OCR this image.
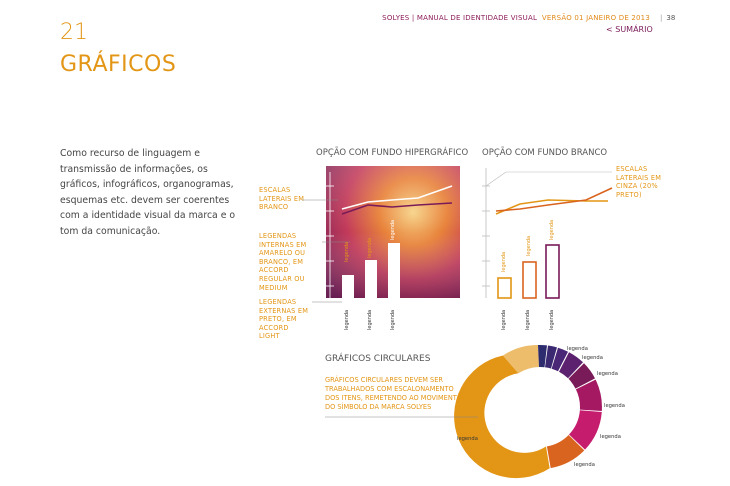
SOLYES | MANUAL DE IDENTIDADE VISUAL VERSÃO 01 JANEIRO DE 2013 | 38
< SUMÁRIO
21
GRÁFICOS
Como recurso de linguagem e transmissão de informações, os gráficos, infográficos, organogramas, esquemas etc. devem ser coerentes com a identidade visual da marca e o tom da comunicação.
OPÇÃO COM FUNDO HIPERGRÁFICO OPÇÃO COM FUNDO BRANCO
ESCALAS LATERAIS EM BRANCO
LEGENDAS INTERNAS EM AMARELO OU BRANCO, EM ACCORD REGULAR OU MEDIUM
LEGENDAS EXTERNAS EM PRETO, EM ACCORD LIGHT
ESCALAS LATERAIS EM CINZA (20% PRETO)
legenda	legenda
legenda
legenda	legenda	legenda
legenda
legenda
legenda
legenda	legenda	legenda
GRÁFICOS CIRCULARES
GRÁFICOS CIRCULARES DEVEM SER TRABALHADOS COM ESCALONAMENTO DOS ITENS, REMETENDO AO MOVIMENTO DO SÍMBOLO DA MARCA SOLYES
legenda
legenda
legenda
legenda
legenda
legenda
legenda
